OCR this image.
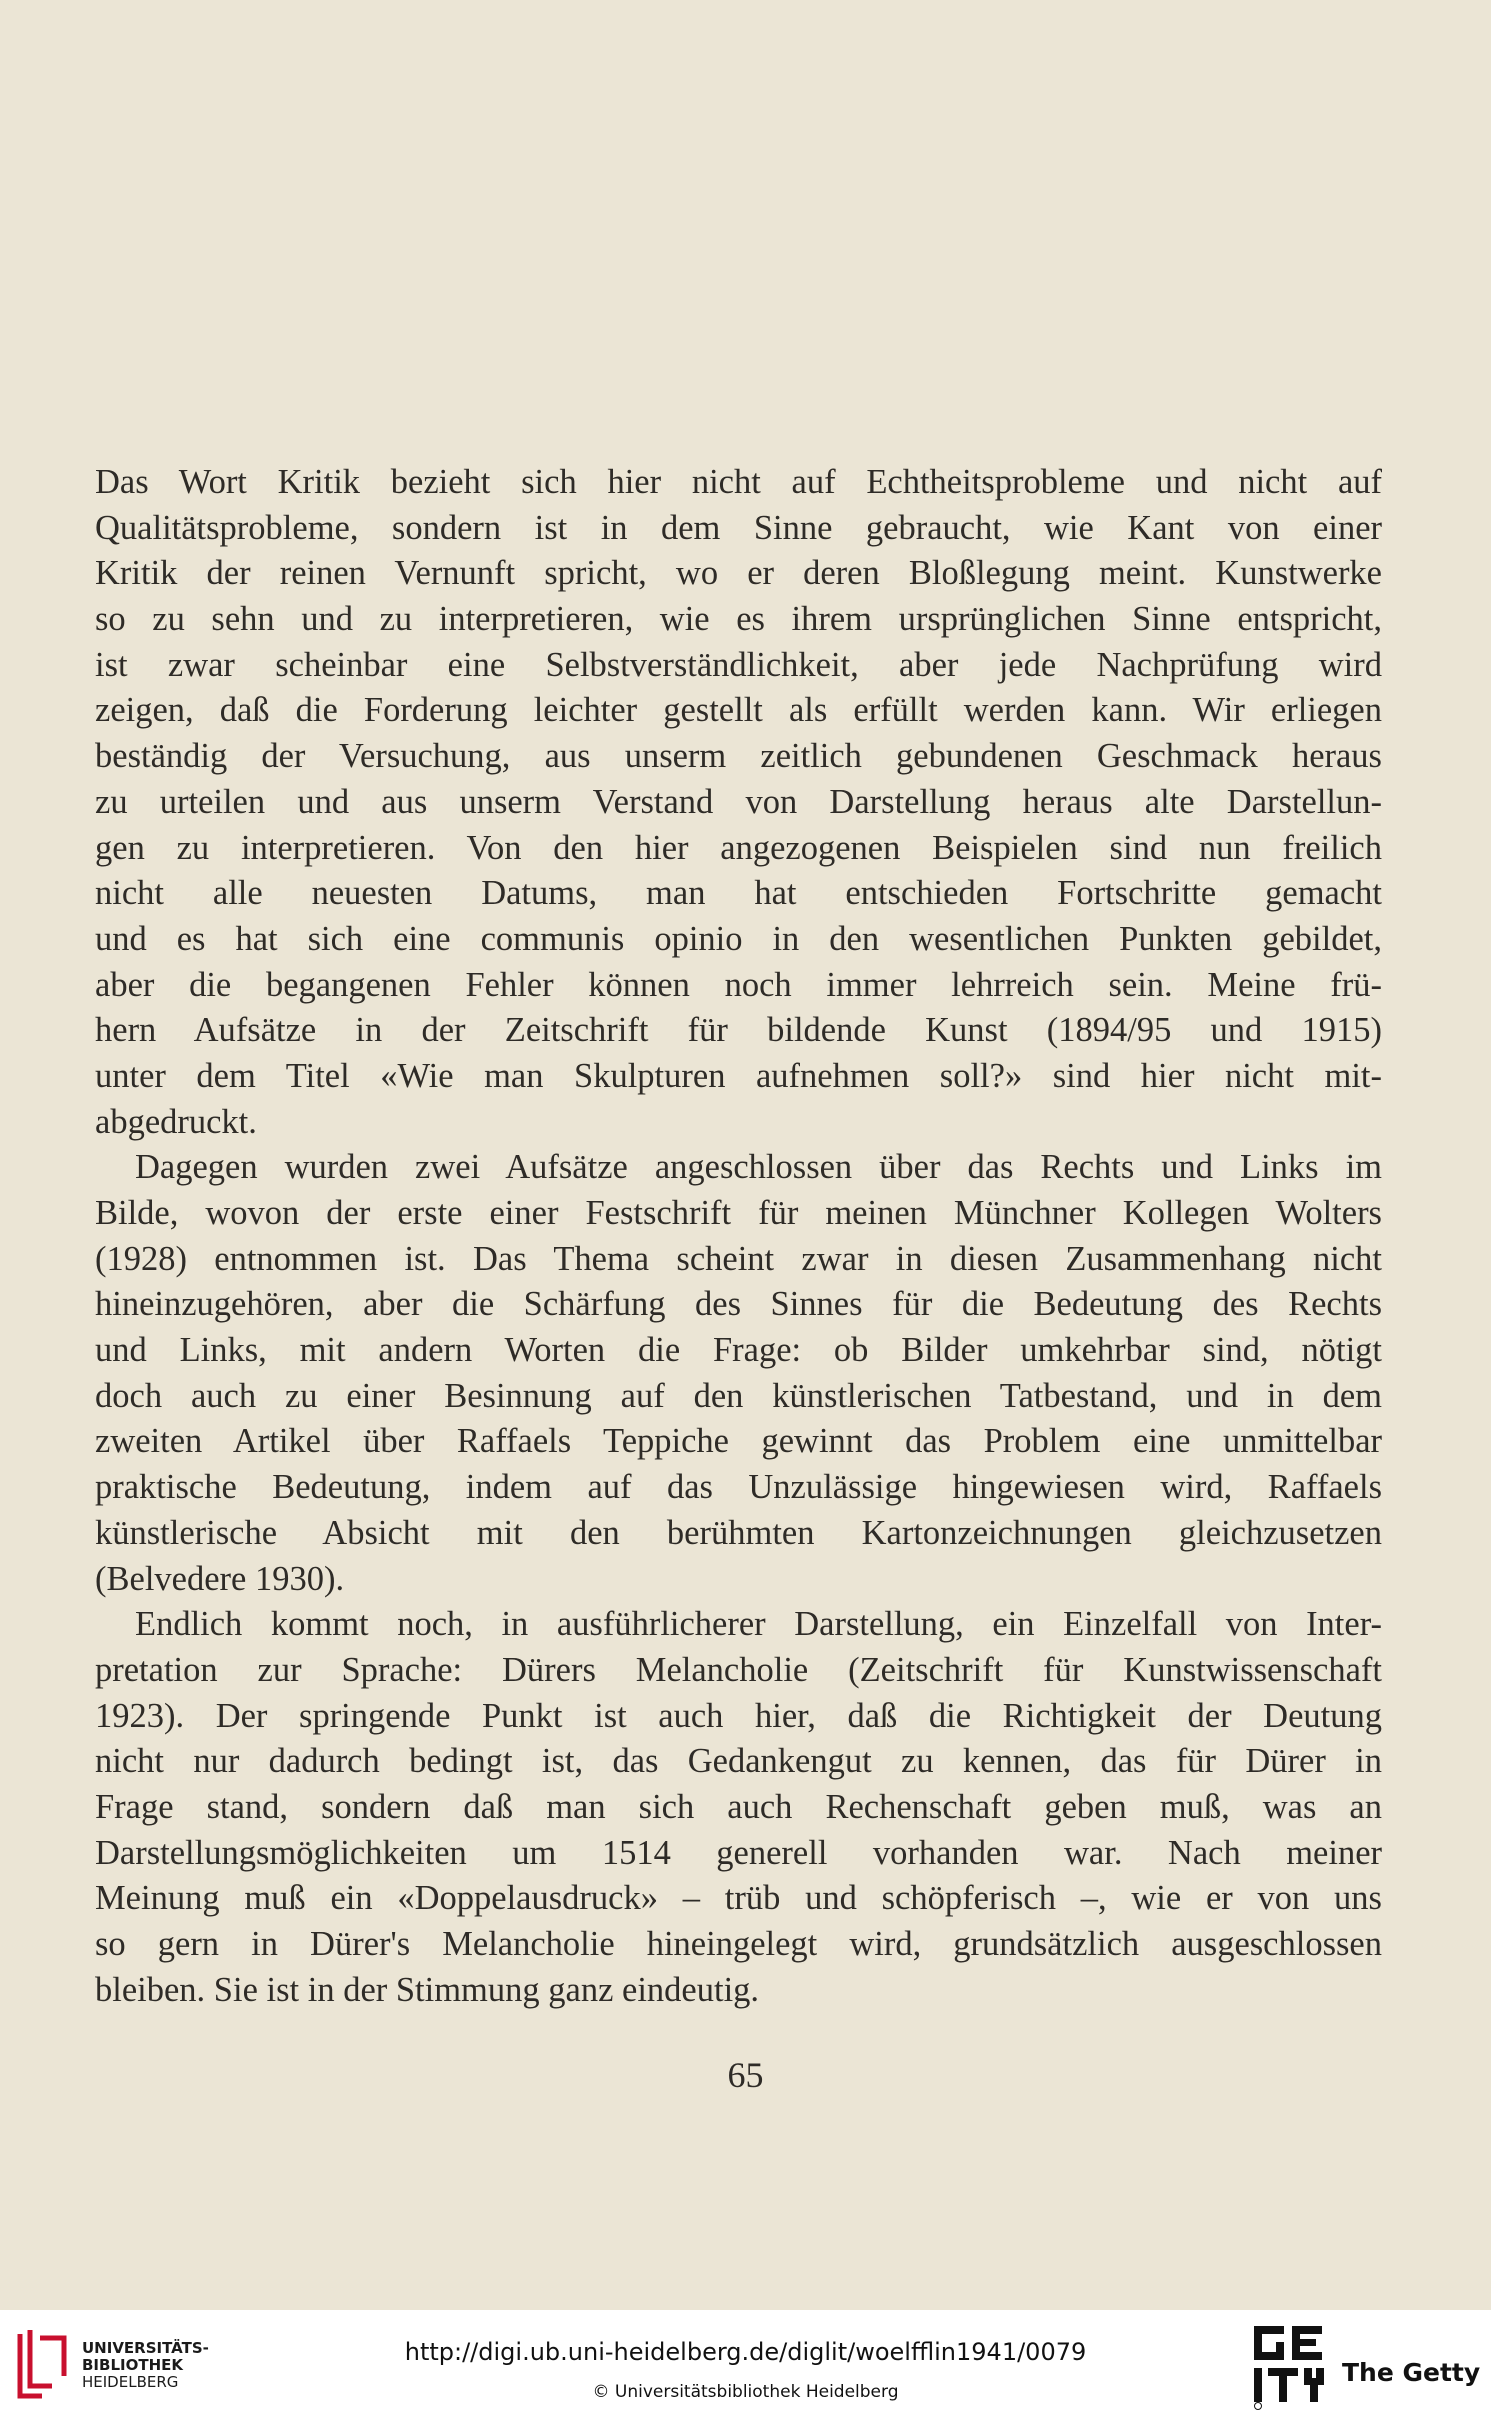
Das Wort Kritik bezieht sich hier nicht auf Echtheitsprobleme und nicht auf
Qualitätsprobleme, sondern ist in dem Sinne gebraucht, wie Kant von einer
Kritik der reinen Vernunft spricht, wo er deren Bloßlegung meint. Kunstwerke
so zu sehn und zu interpretieren, wie es ihrem ursprünglichen Sinne entspricht,
ist zwar scheinbar eine Selbstverständlichkeit, aber jede Nachprüfung wird
zeigen, daß die Forderung leichter gestellt als erfüllt werden kann. Wir erliegen
beständig der Versuchung, aus unserm zeitlich gebundenen Geschmack heraus
zu urteilen und aus unserm Verstand von Darstellung heraus alte Darstellun-
gen zu interpretieren. Von den hier angezogenen Beispielen sind nun freilich
nicht alle neuesten Datums, man hat entschieden Fortschritte gemacht
und es hat sich eine communis opinio in den wesentlichen Punkten gebildet,
aber die begangenen Fehler können noch immer lehrreich sein. Meine frü-
hern Aufsätze in der Zeitschrift für bildende Kunst (1894/95 und 1915)
unter dem Titel «Wie man Skulpturen aufnehmen soll?» sind hier nicht mit-
abgedruckt.
Dagegen wurden zwei Aufsätze angeschlossen über das Rechts und Links im
Bilde, wovon der erste einer Festschrift für meinen Münchner Kollegen Wolters
(1928) entnommen ist. Das Thema scheint zwar in diesen Zusammenhang nicht
hineinzugehören, aber die Schärfung des Sinnes für die Bedeutung des Rechts
und Links, mit andern Worten die Frage: ob Bilder umkehrbar sind, nötigt
doch auch zu einer Besinnung auf den künstlerischen Tatbestand, und in dem
zweiten Artikel über Raffaels Teppiche gewinnt das Problem eine unmittelbar
praktische Bedeutung, indem auf das Unzulässige hingewiesen wird, Raffaels
künstlerische Absicht mit den berühmten Kartonzeichnungen gleichzusetzen
(Belvedere 1930).
Endlich kommt noch, in ausführlicherer Darstellung, ein Einzelfall von Inter-
pretation zur Sprache: Dürers Melancholie (Zeitschrift für Kunstwissenschaft
1923). Der springende Punkt ist auch hier, daß die Richtigkeit der Deutung
nicht nur dadurch bedingt ist, das Gedankengut zu kennen, das für Dürer in
Frage stand, sondern daß man sich auch Rechenschaft geben muß, was an
Darstellungsmöglichkeiten um 1514 generell vorhanden war. Nach meiner
Meinung muß ein «Doppelausdruck» – trüb und schöpferisch –, wie er von uns
so gern in Dürer's Melancholie hineingelegt wird, grundsätzlich ausgeschlossen
bleiben. Sie ist in der Stimmung ganz eindeutig.
65
UNIVERSITÄTS-
BIBLIOTHEK
HEIDELBERG
http://digi.ub.uni-heidelberg.de/diglit/woelfflin1941/0079
© Universitätsbibliothek Heidelberg
The Getty
